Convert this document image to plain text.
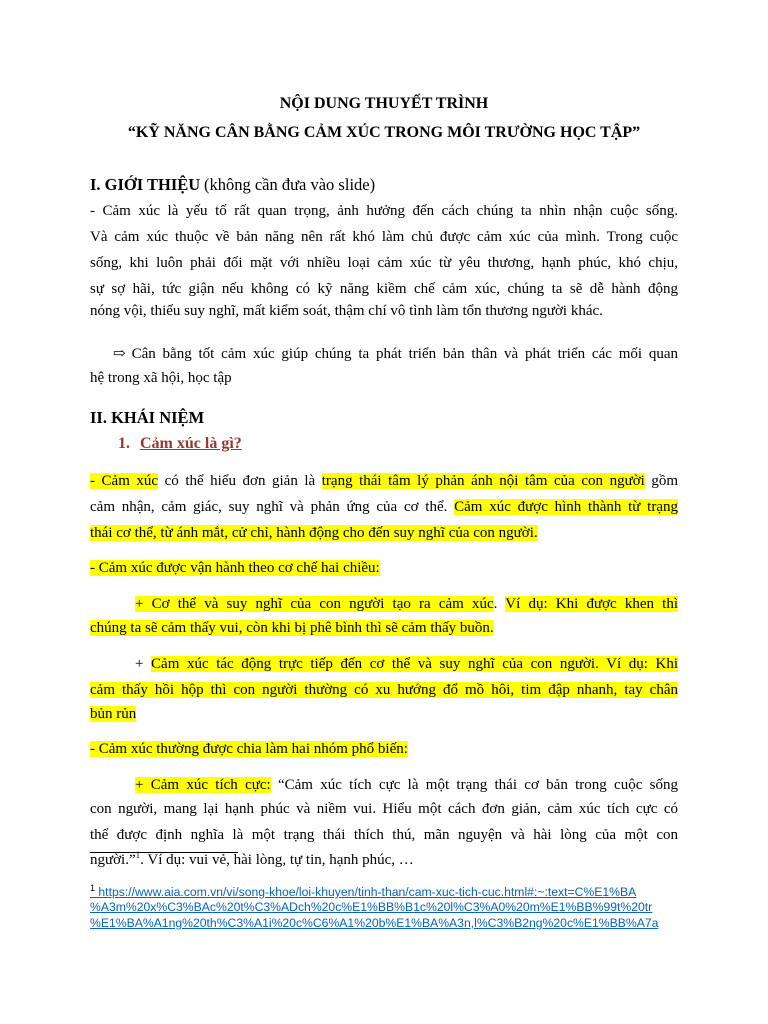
NỘI DUNG THUYẾT TRÌNH
“KỸ NĂNG CÂN BẰNG CẢM XÚC TRONG MÔI TRƯỜNG HỌC TẬP”
I. GIỚI THIỆU (không cần đưa vào slide)
- Cảm xúc là yếu tố rất quan trọng, ảnh hưởng đến cách chúng ta nhìn nhận cuộc sống.
Và cảm xúc thuộc về bản năng nên rất khó làm chủ được cảm xúc của mình. Trong cuộc
sống, khi luôn phải đối mặt với nhiều loại cảm xúc từ yêu thương, hạnh phúc, khó chịu,
sự sợ hãi, tức giận nếu không có kỹ năng kiềm chế cảm xúc, chúng ta sẽ dễ hành động
nóng vội, thiếu suy nghĩ, mất kiểm soát, thậm chí vô tình làm tổn thương người khác.
⇨ Cân bằng tốt cảm xúc giúp chúng ta phát triển bản thân và phát triển các mối quan
hệ trong xã hội, học tập
II. KHÁI NIỆM
1. Cảm xúc là gì?
- Cảm xúc có thể hiểu đơn giản là trạng thái tâm lý phản ánh nội tâm của con người gồm
cảm nhận, cảm giác, suy nghĩ và phản ứng của cơ thể. Cảm xúc được hình thành từ trạng
thái cơ thể, từ ánh mắt, cử chỉ, hành động cho đến suy nghĩ của con người.
- Cảm xúc được vận hành theo cơ chế hai chiều:
+ Cơ thể và suy nghĩ của con người tạo ra cảm xúc. Ví dụ: Khi được khen thì
chúng ta sẽ cảm thấy vui, còn khi bị phê bình thì sẽ cảm thấy buồn.
+ Cảm xúc tác động trực tiếp đến cơ thể và suy nghĩ của con người. Ví dụ: Khi
cảm thấy hồi hộp thì con người thường có xu hướng đổ mồ hôi, tim đập nhanh, tay chân
bủn rủn
- Cảm xúc thường được chia làm hai nhóm phổ biến:
+ Cảm xúc tích cực: “Cảm xúc tích cực là một trạng thái cơ bản trong cuộc sống
con người, mang lại hạnh phúc và niềm vui. Hiểu một cách đơn giản, cảm xúc tích cực có
thể được định nghĩa là một trạng thái thích thú, mãn nguyện và hài lòng của một con
người.”$^1$. Ví dụ: vui vẻ, hài lòng, tự tin, hạnh phúc, …
$^1$ https://www.aia.com.vn/vi/song-khoe/loi-khuyen/tinh-than/cam-xuc-tich-cuc.html#:~:text=C%E1%BA
%A3m%20x%C3%BAc%20t%C3%ADch%20c%E1%BB%B1c%20l%C3%A0%20m%E1%BB%99t%20tr
%E1%BA%A1ng%20th%C3%A1i%20c%C6%A1%20b%E1%BA%A3n,l%C3%B2ng%20c%E1%BB%A7a
